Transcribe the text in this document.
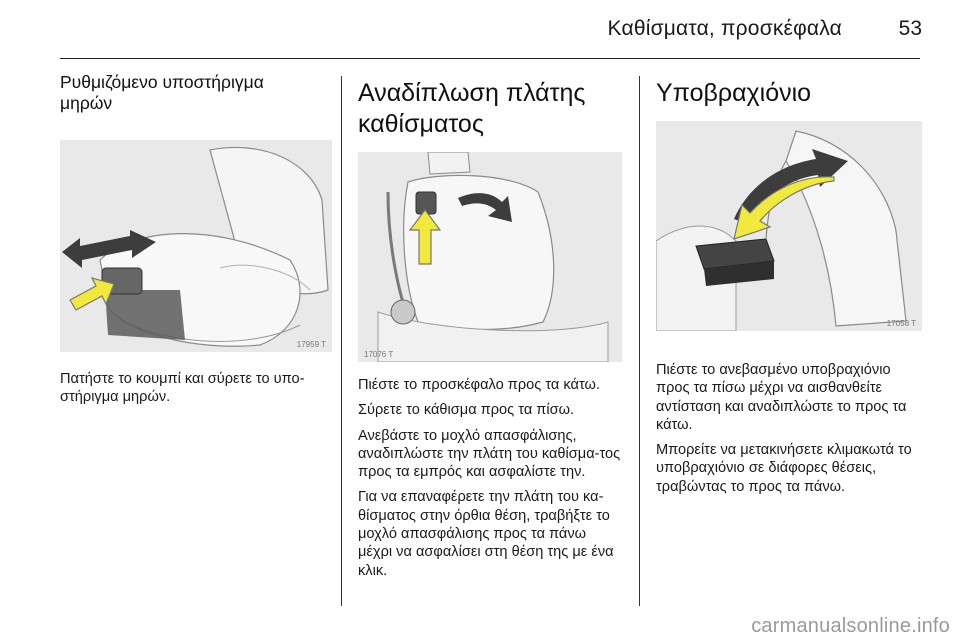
Καθίσματα, προσκέφαλα	53
Ρυθμιζόμενο υποστήριγμα μηρών
17959 T

Πατήστε το κουμπί και σύρετε το υπο-στήριγμα μηρών.

Αναδίπλωση πλάτης καθίσματος
17076 T

Πιέστε το προσκέφαλο προς τα κάτω.

Σύρετε το κάθισμα προς τα πίσω.

Ανεβάστε το μοχλό απασφάλισης, αναδιπλώστε την πλάτη του καθίσμα-τος προς τα εμπρός και ασφαλίστε την.

Για να επαναφέρετε την πλάτη του κα-θίσματος στην όρθια θέση, τραβήξτε το μοχλό απασφάλισης προς τα πάνω μέχρι να ασφαλίσει στη θέση της με ένα κλικ.

Υποβραχιόνιο
17058 T

Πιέστε το ανεβασμένο υποβραχιόνιο προς τα πίσω μέχρι να αισθανθείτε αντίσταση και αναδιπλώστε το προς τα κάτω.

Μπορείτε να μετακινήσετε κλιμακωτά το υποβραχιόνιο σε διάφορες θέσεις, τραβώντας το προς τα πάνω.

carmanualsonline.info
